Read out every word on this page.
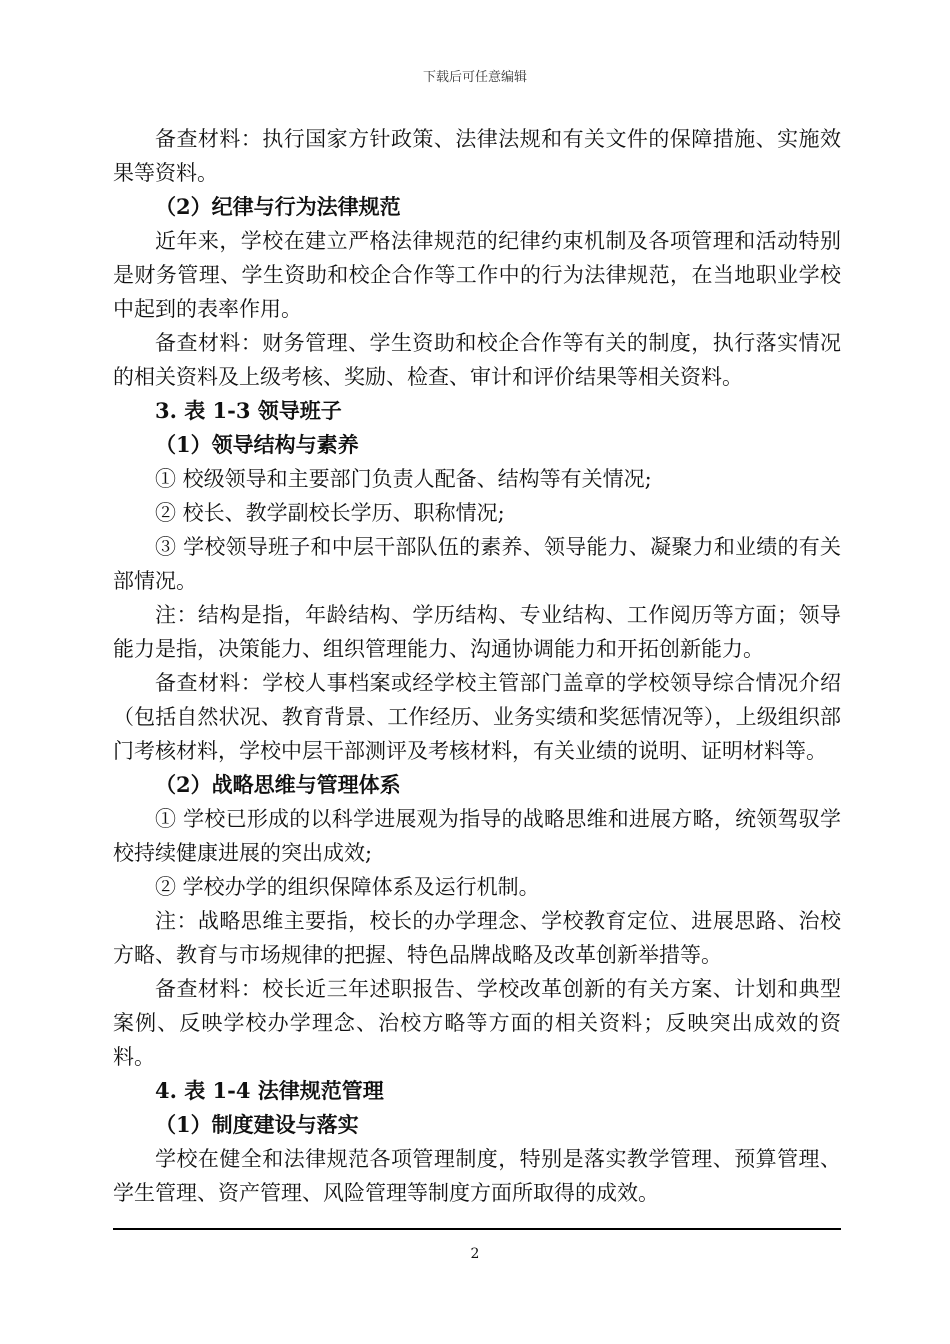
下载后可任意编辑

备查材料：执行国家方针政策、法律法规和有关文件的保障措施、实施效果等资料。

（2）纪律与行为法律规范

近年来，学校在建立严格法律规范的纪律约束机制及各项管理和活动特别是财务管理、学生资助和校企合作等工作中的行为法律规范，在当地职业学校中起到的表率作用。

备查材料：财务管理、学生资助和校企合作等有关的制度，执行落实情况的相关资料及上级考核、奖励、检查、审计和评价结果等相关资料。

3. 表 1-3 领导班子

（1）领导结构与素养

① 校级领导和主要部门负责人配备、结构等有关情况;

② 校长、教学副校长学历、职称情况;

③ 学校领导班子和中层干部队伍的素养、领导能力、凝聚力和业绩的有关部情况。

注：结构是指，年龄结构、学历结构、专业结构、工作阅历等方面；领导能力是指，决策能力、组织管理能力、沟通协调能力和开拓创新能力。

备查材料：学校人事档案或经学校主管部门盖章的学校领导综合情况介绍（包括自然状况、教育背景、工作经历、业务实绩和奖惩情况等），上级组织部门考核材料，学校中层干部测评及考核材料，有关业绩的说明、证明材料等。

（2）战略思维与管理体系

① 学校已形成的以科学进展观为指导的战略思维和进展方略，统领驾驭学校持续健康进展的突出成效;

② 学校办学的组织保障体系及运行机制。

注：战略思维主要指，校长的办学理念、学校教育定位、进展思路、治校方略、教育与市场规律的把握、特色品牌战略及改革创新举措等。

备查材料：校长近三年述职报告、学校改革创新的有关方案、计划和典型案例、反映学校办学理念、治校方略等方面的相关资料；反映突出成效的资料。

4. 表 1-4 法律规范管理

（1）制度建设与落实

学校在健全和法律规范各项管理制度，特别是落实教学管理、预算管理、学生管理、资产管理、风险管理等制度方面所取得的成效。

2
